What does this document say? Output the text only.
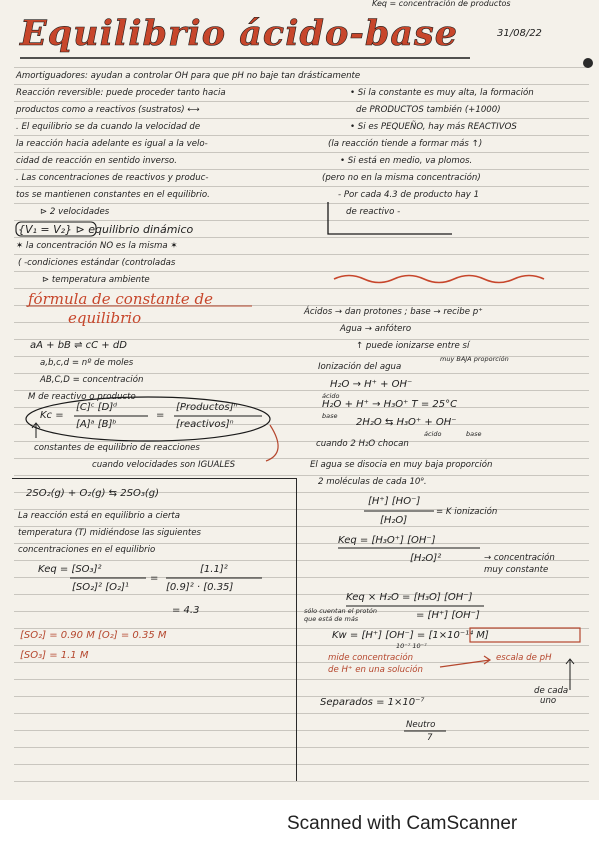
Keq = concentración de productos
31/08/22
Equilibrio ácido-base
Amortiguadores: ayudan a controlar OH para que pH no baje tan drásticamente
Reacción reversible: puede proceder tanto hacia
productos como a reactivos (sustratos) ⟷
. El equilibrio se da cuando la velocidad de
la reacción hacia adelante es igual a la velo-
cidad de reacción en sentido inverso.
. Las concentraciones de reactivos y produc-
tos se mantienen constantes en el equilibrio.
⊳ 2 velocidades
{V₁ = V₂} ⊳ equilibrio dinámico
✶ la concentración NO es la misma ✶
( -condiciones estándar (controladas
⊳ temperatura ambiente
• Si la constante es muy alta, la formación
de PRODUCTOS también (+1000)
• Si es PEQUEÑO, hay más REACTIVOS
(la reacción tiende a formar más ↑)
• Si está en medio, va plomos.
(pero no en la misma concentración)
- Por cada 4.3 de producto hay 1
de reactivo -
fórmula de constante de
equilibrio
aA + bB ⇌ cC + dD
a,b,c,d = nº de moles
AB,C,D = concentración
M de reactivo o producto
Kc =
[C]ᶜ [D]ᵈ
[A]ᵃ [B]ᵇ
=
[Productos]ⁿ
[reactivos]ⁿ
constantes de equilibrio de reacciones
cuando velocidades son IGUALES
2SO₂(g) + O₂(g) ⇆ 2SO₃(g)
La reacción está en equilibrio a cierta
temperatura (T) midiéndose las siguientes
concentraciones en el equilibrio
Keq = [SO₃]²
[SO₂]² [O₂]¹
=
[1.1]²
[0.9]² · [0.35]
= 4.3
[SO₂] = 0.90 M [O₂] = 0.35 M
[SO₃] = 1.1 M
Ácidos → dan protones ; base → recibe p⁺
Agua → anfótero
↑ puede ionizarse entre sí
Ionización del agua
muy BAJA proporción
H₂O → H⁺ + OH⁻
H₂O + H⁺ → H₃O⁺ T = 25°C
ácido
base
2H₂O ⇆ H₃O⁺ + OH⁻
ácido	base
cuando 2 H₂O chocan
El agua se disocia en muy baja proporción
2 moléculas de cada 10⁹.
[H⁺] [HO⁻]
[H₂O]
= K ionización
Keq = [H₃O⁺] [OH⁻]
[H₂O]²	→ concentración
muy constante
Keq × H₂O = [H₃O] [OH⁻]
sólo cuentan el protón
que está de más	= [H⁺] [OH⁻]
Kw = [H⁺] [OH⁻] = [1×10⁻¹⁴ M]
10⁻⁷ 10⁻⁷
mide concentración
de H⁺ en una solución
escala de pH
de cada
uno
Separados = 1×10⁻⁷
Neutro
7
Scanned with CamScanner
